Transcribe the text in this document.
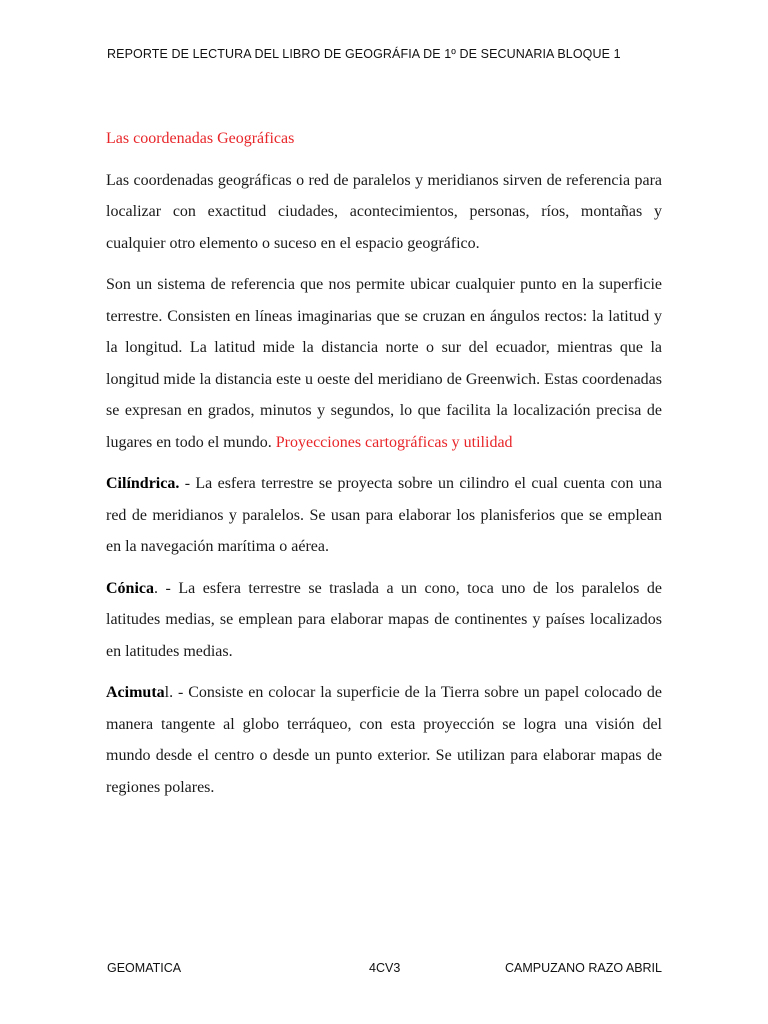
REPORTE DE LECTURA DEL LIBRO DE GEOGRÁFIA DE 1º DE SECUNARIA BLOQUE 1

Las coordenadas Geográficas

Las coordenadas geográficas o red de paralelos y meridianos sirven de referencia para localizar con exactitud ciudades, acontecimientos, personas, ríos, montañas y cualquier otro elemento o suceso en el espacio geográfico.

Son un sistema de referencia que nos permite ubicar cualquier punto en la superficie terrestre. Consisten en líneas imaginarias que se cruzan en ángulos rectos: la latitud y la longitud. La latitud mide la distancia norte o sur del ecuador, mientras que la longitud mide la distancia este u oeste del meridiano de Greenwich. Estas coordenadas se expresan en grados, minutos y segundos, lo que facilita la localización precisa de lugares en todo el mundo. Proyecciones cartográficas y utilidad

Cilíndrica. - La esfera terrestre se proyecta sobre un cilindro el cual cuenta con una red de meridianos y paralelos. Se usan para elaborar los planisferios que se emplean en la navegación marítima o aérea.

Cónica. - La esfera terrestre se traslada a un cono, toca uno de los paralelos de latitudes medias, se emplean para elaborar mapas de continentes y países localizados en latitudes medias.

Acimutal. - Consiste en colocar la superficie de la Tierra sobre un papel colocado de manera tangente al globo terráqueo, con esta proyección se logra una visión del mundo desde el centro o desde un punto exterior. Se utilizan para elaborar mapas de regiones polares.

GEOMATICA	4CV3	CAMPUZANO RAZO ABRIL
